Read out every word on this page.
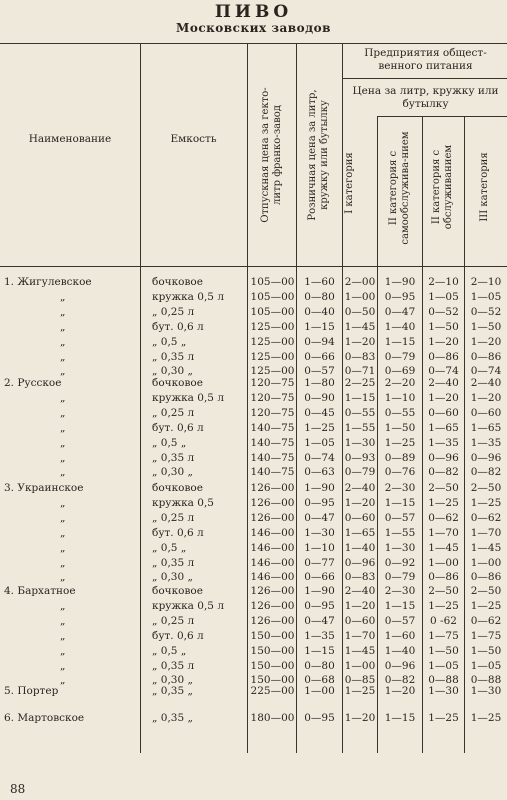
ПИВО
Московских заводов
Наименование	Емкость
Предприятия общест-венного питания
Цена за литр, кружку или бутылку
Отпускная цена за гекто-литр франко-завод	Розничная цена за литр, кружку или бутылку	I категория	II категория с самообслужива-нием	II категория с обслуживанием	III категория
1. Жигулевское	бочковое	105—00 1—60 2—00 1—90	2—10	2—10
„	кружка 0,5 л	105—00 0—80 1—00 0—95	1—05	1—05
„	„ 0,25 л	105—00 0—40 0—50 0—47	0—52	0—52
„	бут. 0,6 л	125—00 1—15 1—45 1—40	1—50	1—50
„	„ 0,5 „	125—00 0—94 1—20 1—15	1—20	1—20
„	„ 0,35 л	125—00 0—66 0—83 0—79	0—86	0—86
„	„ 0,30 „	125—00 0—57 0—71 0—69	0—74	0—74
2. Русское	бочковое	120—75 1—80 2—25 2—20	2—40	2—40
„	кружка 0,5 л	120—75 0—90 1—15 1—10	1—20	1—20
„	„ 0,25 л	120—75 0—45 0—55 0—55	0—60	0—60
„	бут. 0,6 л	140—75 1—25 1—55 1—50	1—65	1—65
„	„ 0,5 „	140—75 1—05 1—30 1—25	1—35	1—35
„	„ 0,35 л	140—75 0—74 0—93 0—89	0—96	0—96
„	„ 0,30 „	140—75 0—63 0—79 0—76	0—82	0—82
3. Украинское	бочковое	126—00 1—90 2—40 2—30	2—50	2—50
„	кружка 0,5	126—00 0—95 1—20 1—15	1—25	1—25
„	„ 0,25 л	126—00 0—47 0—60 0—57	0—62	0—62
„	бут. 0,6 л	146—00 1—30 1—65 1—55	1—70	1—70
„	„ 0,5 „	146—00 1—10 1—40 1—30	1—45	1—45
„	„ 0,35 л	146—00 0—77 0—96 0—92	1—00	1—00
„	„ 0,30 „	146—00 0—66 0—83 0—79	0—86	0—86
4. Бархатное	бочковое	126—00 1—90 2—40 2—30	2—50	2—50
„	кружка 0,5 л	126—00 0—95 1—20 1—15	1—25	1—25
„	„ 0,25 л	126—00 0—47 0—60 0—57	0 -62	0—62
„	бут. 0,6 л	150—00 1—35 1—70 1—60	1—75	1—75
„	„ 0,5 „	150—00 1—15 1—45 1—40	1—50	1—50
„	„ 0,35 л	150—00 0—80 1—00 0—96	1—05	1—05
„	„ 0,30 „	150—00 0—68 0—85 0—82	0—88	0—88
5. Портер	„ 0,35 „	225—00 1—00 1—25 1—20	1—30	1—30
6. Мартовское	„ 0,35 „	180—00 0—95 1—20 1—15	1—25	1—25
88
